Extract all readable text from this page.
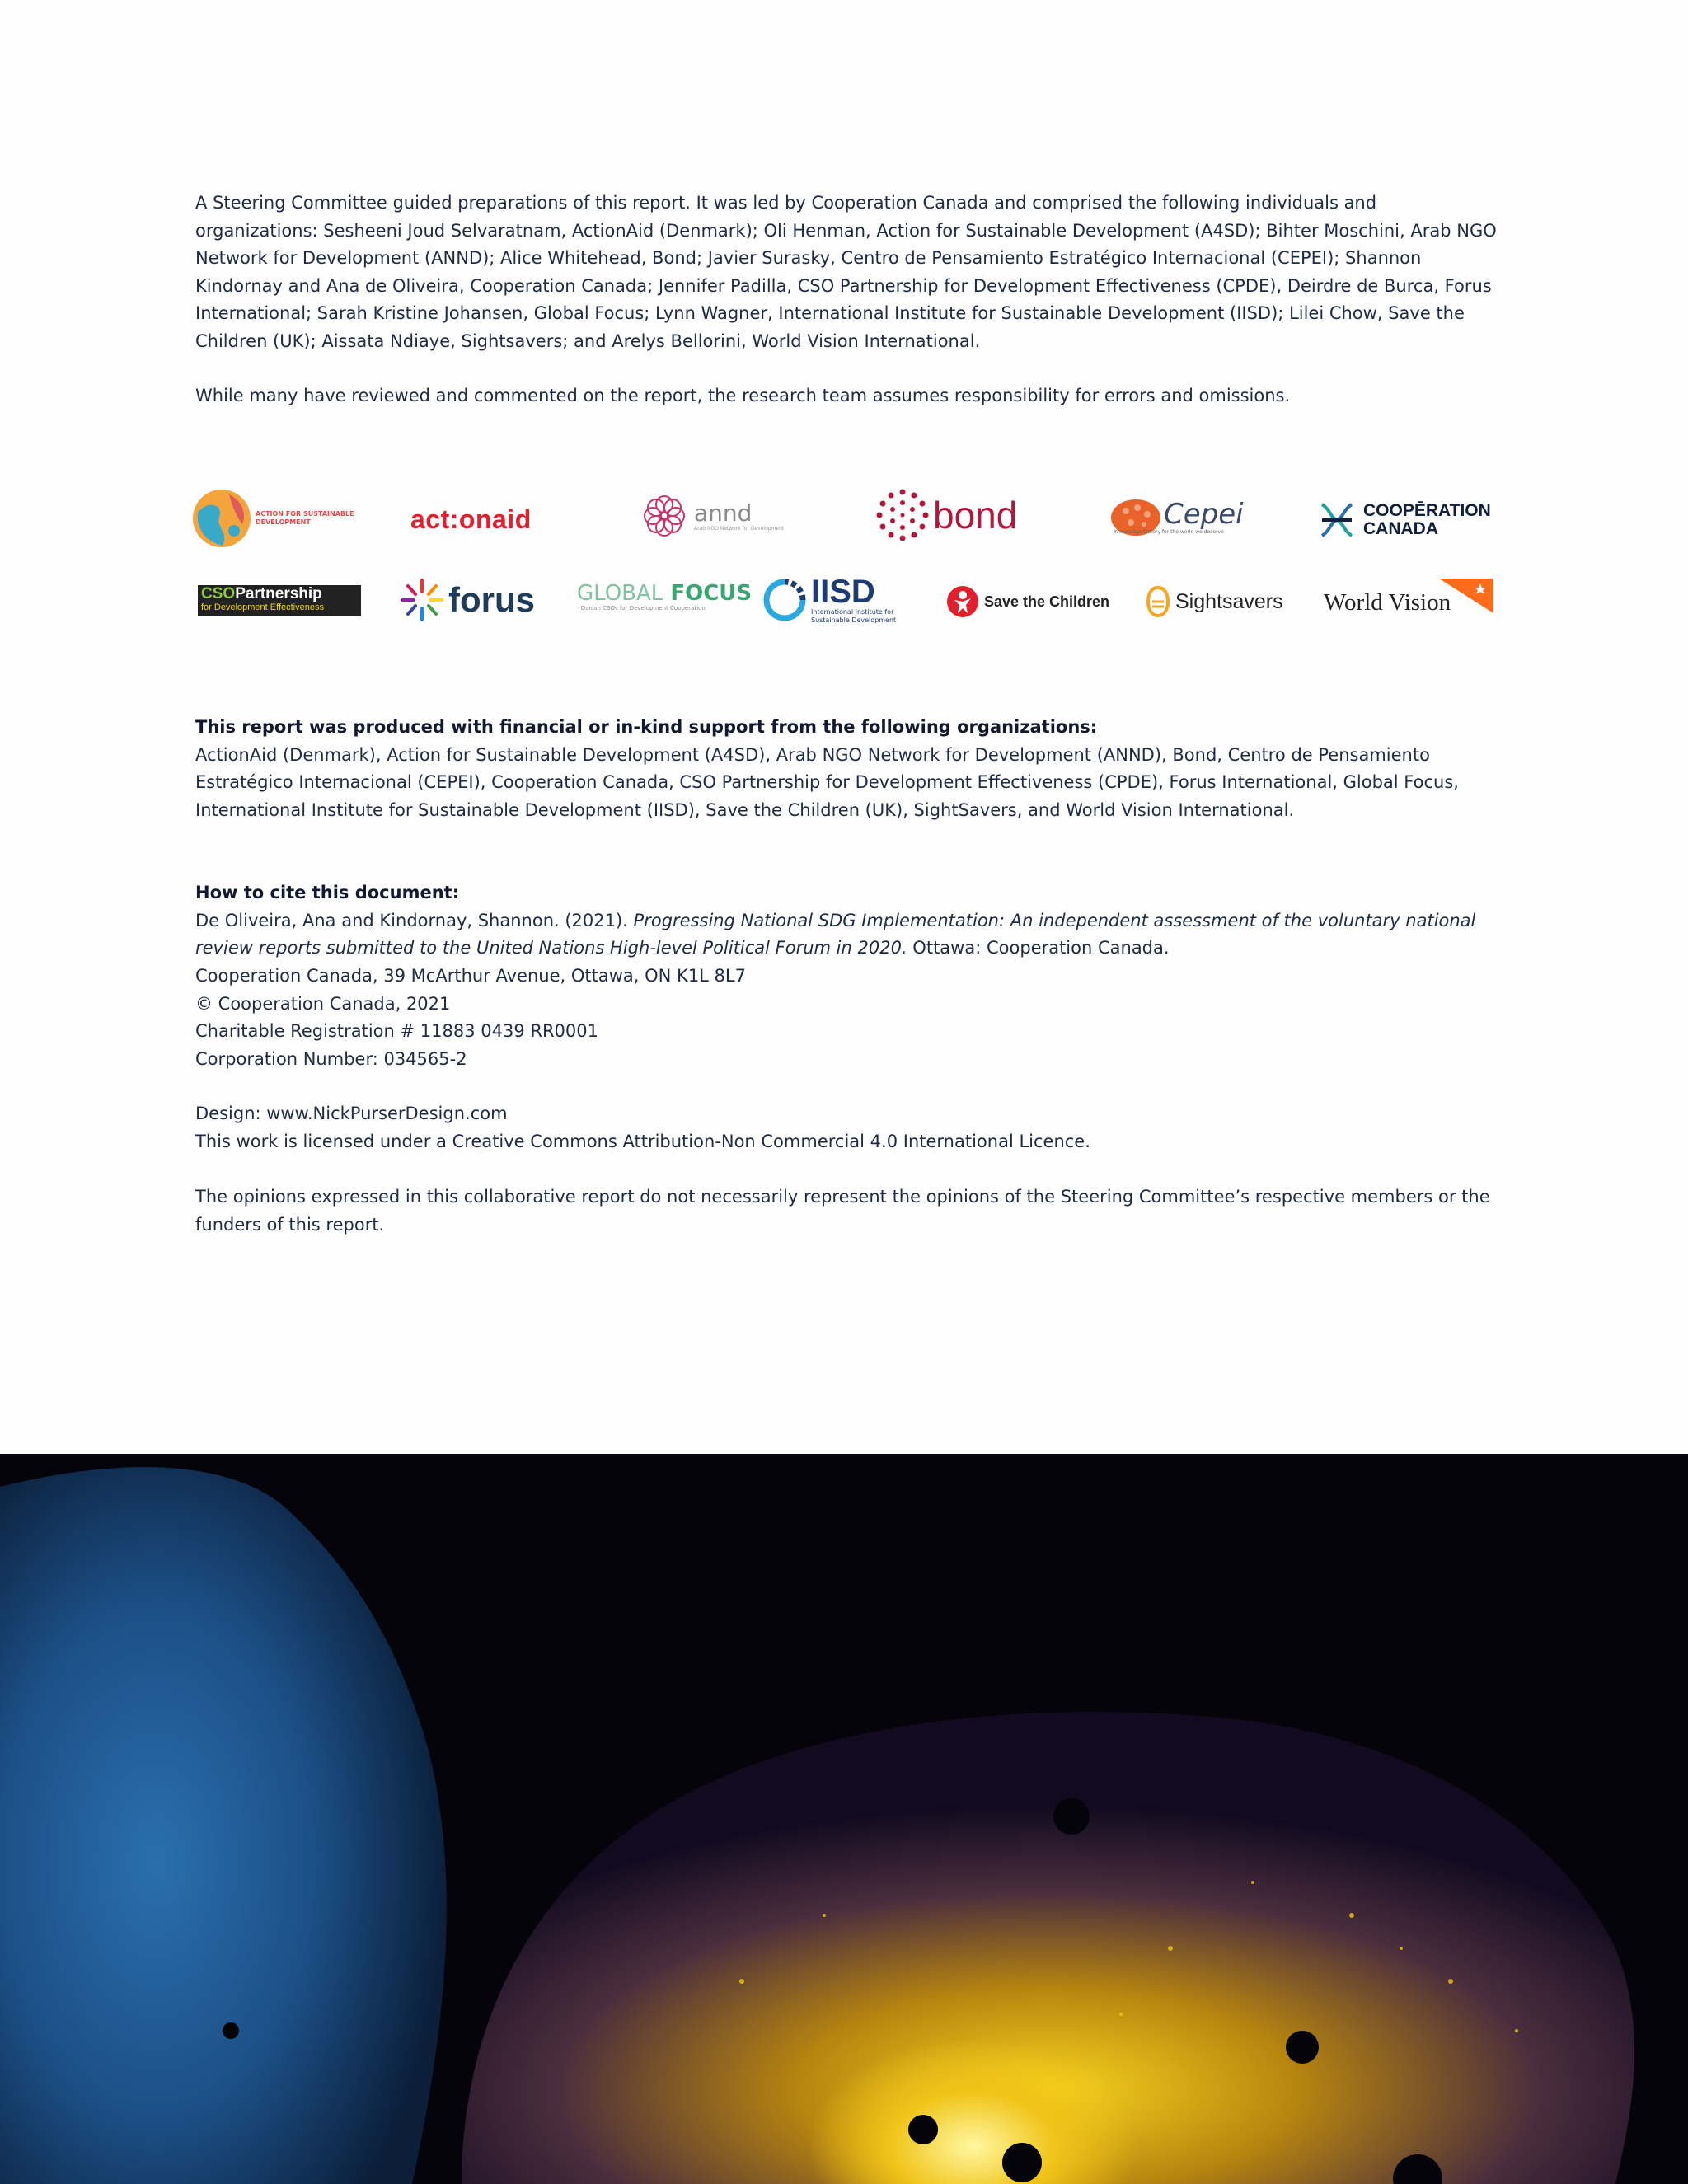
A Steering Committee guided preparations of this report. It was led by Cooperation Canada and comprised the following individuals and organizations: Sesheeni Joud Selvaratnam, ActionAid (Denmark); Oli Henman, Action for Sustainable Development (A4SD); Bihter Moschini, Arab NGO Network for Development (ANND); Alice Whitehead, Bond; Javier Surasky, Centro de Pensamiento Estratégico Internacional (CEPEI); Shannon Kindornay and Ana de Oliveira, Cooperation Canada; Jennifer Padilla, CSO Partnership for Development Effectiveness (CPDE), Deirdre de Burca, Forus International; Sarah Kristine Johansen, Global Focus; Lynn Wagner, International Institute for Sustainable Development (IISD); Lilei Chow, Save the Children (UK); Aissata Ndiaye, Sightsavers; and Arelys Bellorini, World Vision International.

While many have reviewed and commented on the report, the research team assumes responsibility for errors and omissions.

ACTION FOR SUSTAINABLE
DEVELOPMENT	act:onaid	annd
Arab NGO Network for Development	bond	Cepei
Knowledge factory for the world we deserve
COOPĒRATION
CANADA
CSOPartnership
for Development Effectiveness	forus GLOBAL FOCUS
- Danish CSOs for Development Cooperation	IISD
International Institute for
Sustainable Development
Save the Children	Sightsavers World Vision

This report was produced with financial or in-kind support from the following organizations:

ActionAid (Denmark), Action for Sustainable Development (A4SD), Arab NGO Network for Development (ANND), Bond, Centro de Pensamiento Estratégico Internacional (CEPEI), Cooperation Canada, CSO Partnership for Development Effectiveness (CPDE), Forus International, Global Focus, International Institute for Sustainable Development (IISD), Save the Children (UK), SightSavers, and World Vision International.

How to cite this document:

De Oliveira, Ana and Kindornay, Shannon. (2021). Progressing National SDG Implementation: An independent assessment of the voluntary national review reports submitted to the United Nations High-level Political Forum in 2020. Ottawa: Cooperation Canada.

Cooperation Canada, 39 McArthur Avenue, Ottawa, ON K1L 8L7

© Cooperation Canada, 2021

Charitable Registration # 11883 0439 RR0001

Corporation Number: 034565-2

Design: www.NickPurserDesign.com

This work is licensed under a Creative Commons Attribution-Non Commercial 4.0 International Licence.

The opinions expressed in this collaborative report do not necessarily represent the opinions of the Steering Committee’s respective members or the funders of this report.
